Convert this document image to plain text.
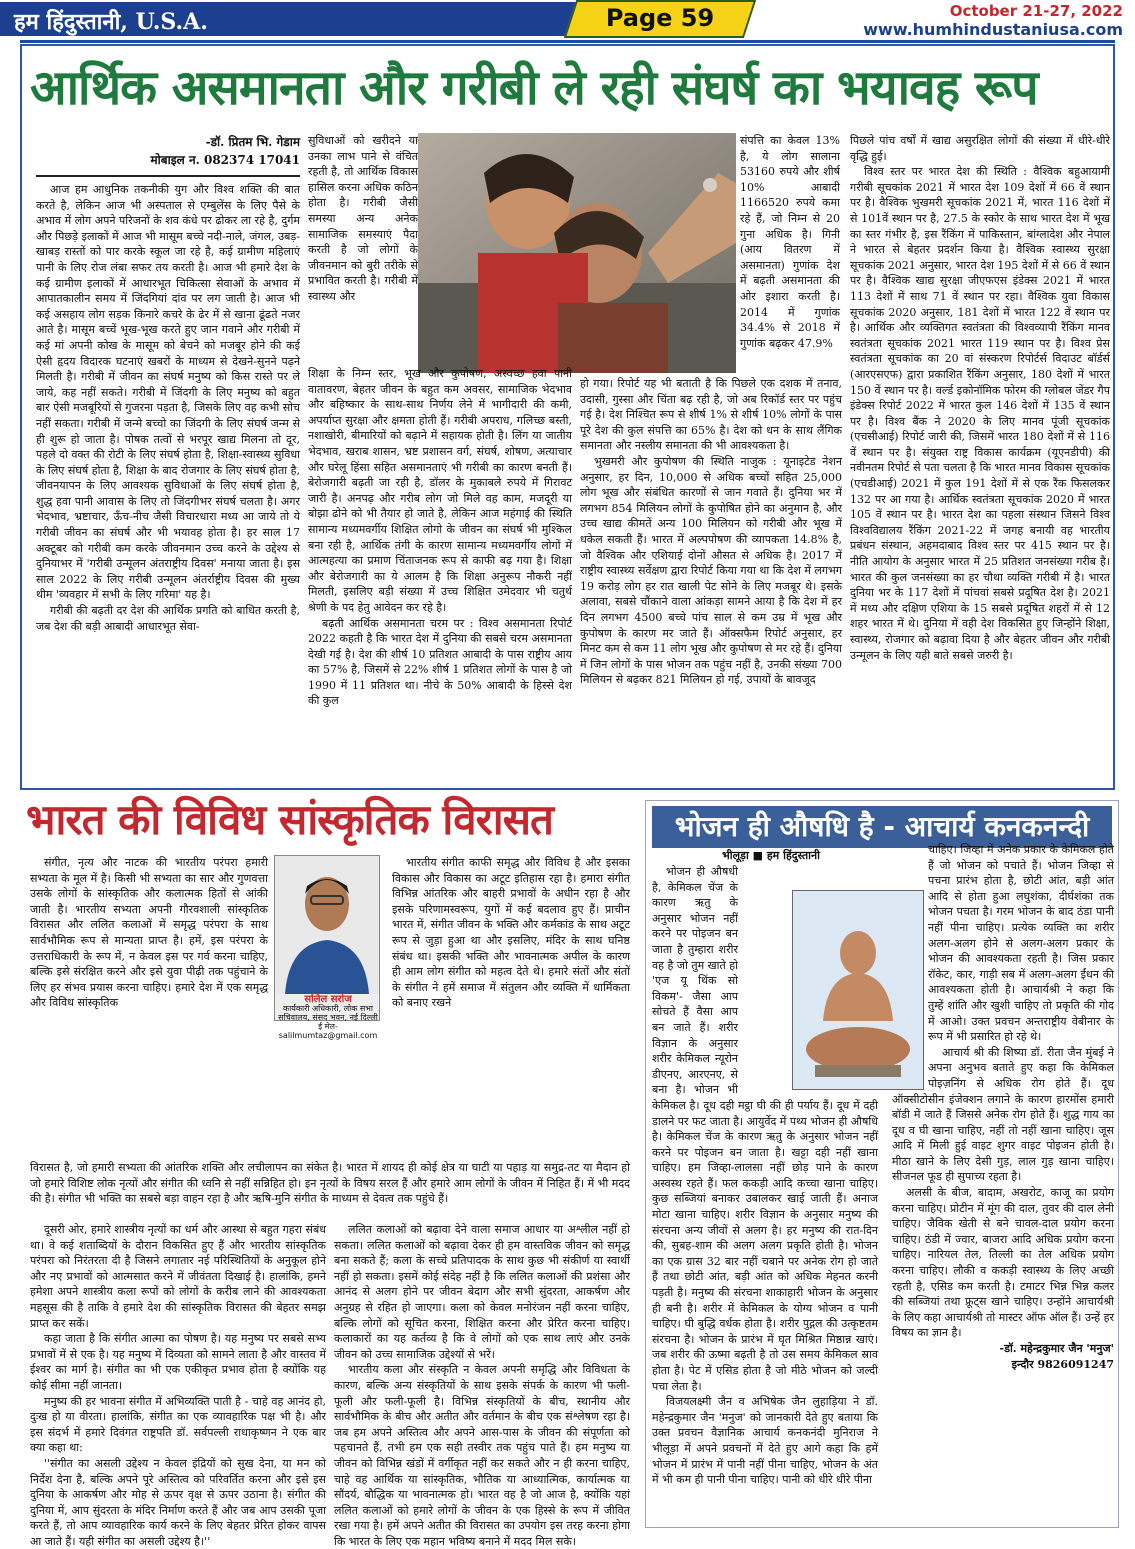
हम हिंदुस्तानी, U.S.A.	Page 59	October 21-27, 2022
www.humhindustaniusa.com
आर्थिक असमानता और गरीबी ले रही संघर्ष का भयावह रूप
-डॉ. प्रितम भि. गेडाम
मोबाइल न. 082374 17041

आज हम आधुनिक तकनीकी युग और विश्व शक्ति की बात करते है, लेकिन आज भी अस्पताल से एम्बुलेंस के लिए पैसे के अभाव में लोग अपने परिजनों के शव कंधे पर ढोकर ला रहे है, दुर्गम और पिछड़े इलाकों में आज भी मासूम बच्चे नदी-नाले, जंगल, उबड़-खाबड़ रास्तों को पार करके स्कूल जा रहे है, कई ग्रामीण महिलाएं पानी के लिए रोज लंबा सफर तय करती है। आज भी हमारे देश के कई ग्रामीण इलाकों में आधारभूत चिकित्सा सेवाओं के अभाव में आपातकालीन समय में जिंदगियां दांव पर लग जाती है। आज भी कई असहाय लोग सड़क किनारे कचरे के ढेर में से खाना ढूंढते नजर आते है। मासूम बच्चें भूख-भूख करते हुए जान गवाने और गरीबी में कई मां अपनी कोख के मासूम को बेचने को मजबूर होने की कई ऐसी हृदय विदारक घटनाएं खबरों के माध्यम से देखने-सुनने पढ़ने मिलती है। गरीबी में जीवन का संघर्ष मनुष्य को किस रास्ते पर ले जाये, कह नहीं सकते। गरीबी में जिंदगी के लिए मनुष्य को बहुत बार ऐसी मजबूरियों से गुजरना पड़ता है, जिसके लिए वह कभी सोच नहीं सकता। गरीबी में जन्मे बच्चो का जिंदगी के लिए संघर्ष जन्म से ही शुरू हो जाता है। पोषक तत्वों से भरपूर खाद्य मिलना तो दूर, पहले दो वक्त की रोटी के लिए संघर्ष होता है, शिक्षा-स्वास्थ्य सुविधा के लिए संघर्ष होता है, शिक्षा के बाद रोजगार के लिए संघर्ष होता है, जीवनयापन के लिए आवश्यक सुविधाओं के लिए संघर्ष होता है, शुद्ध हवा पानी आवास के लिए तो जिंदगीभर संघर्ष चलता है। अगर भेदभाव, भ्रष्टाचार, ऊँच-नीच जैसी विचारधारा मध्य आ जाये तो ये गरीबी जीवन का संघर्ष और भी भयावह होता है। हर साल 17 अक्टूबर को गरीबी कम करके जीवनमान उच्च करने के उद्देश्य से दुनियाभर में 'गरीबी उन्मूलन अंतराष्ट्रीय दिवस' मनाया जाता है। इस साल 2022 के लिए गरीबी उन्मूलन अंतर्राष्ट्रीय दिवस की मुख्य थीम 'व्यवहार में सभी के लिए गरिमा' यह है।

गरीबी की बढ़ती दर देश की आर्थिक प्रगति को बाधित करती है, जब देश की बड़ी आबादी आधारभूत सेवा-

सुविधाओं को खरीदने या उनका लाभ पाने से वंचित रहती है, तो आर्थिक विकास हासिल करना अधिक कठिन होता है। गरीबी जैसी समस्या अन्य अनेक सामाजिक समस्याएं पैदा करती है जो लोगों के जीवनमान को बुरी तरीके से प्रभावित करती है। गरीबी में स्वास्थ्य और

संपत्ति का केवल 13% है, ये लोग सालाना 53160 रुपये और शीर्ष 10% आबादी 1166520 रुपये कमा रहे हैं, जो निम्न से 20 गुना अधिक है। गिनी (आय वितरण में असमानता) गुणांक देश में बढ़ती असमानता की ओर इशारा करती है। 2014 में गुणांक 34.4% से 2018 में गुणांक बढ़कर 47.9%

शिक्षा के निम्न स्तर, भूख और कुपोषण, अस्वच्छ हवा पानी वातावरण, बेहतर जीवन के बहुत कम अवसर, सामाजिक भेदभाव और बहिष्कार के साथ-साथ निर्णय लेने में भागीदारी की कमी, अपर्याप्त सुरक्षा और क्षमता होती हैं। गरीबी अपराध, गलिच्छ बस्ती, नशाखोरी, बीमारियों को बढ़ाने में सहायक होती है। लिंग या जातीय भेदभाव, खराब शासन, भ्रष्ट प्रशासन वर्ग, संघर्ष, शोषण, अत्याचार और घरेलू हिंसा सहित असमानताएं भी गरीबी का कारण बनती हैं। बेरोजगारी बढ़ती जा रही है, डॉलर के मुकाबले रुपये में गिरावट जारी है। अनपढ़ और गरीब लोग जो मिले वह काम, मजदूरी या बोझा ढोने को भी तैयार हो जाते है, लेकिन आज महंगाई की स्थिति सामान्य मध्यमवर्गीय शिक्षित लोगो के जीवन का संघर्ष भी मुश्किल बना रही है, आर्थिक तंगी के कारण सामान्य मध्यमवर्गीय लोगों में आत्महत्या का प्रमाण चिंताजनक रूप से काफी बढ़ गया है। शिक्षा और बेरोजगारी का ये आलम है कि शिक्षा अनुरूप नौकरी नहीं मिलती, इसलिए बड़ी संख्या में उच्च शिक्षित उमेदवार भी चतुर्थ श्रेणी के पद हेतु आवेदन कर रहे है।

बढ़ती आर्थिक असमानता चरम पर : विश्व असमानता रिपोर्ट 2022 कहती है कि भारत देश में दुनिया की सबसे चरम असमानता देखी गई है। देश की शीर्ष 10 प्रतिशत आबादी के पास राष्ट्रीय आय का 57% है, जिसमें से 22% शीर्ष 1 प्रतिशत लोगों के पास है जो 1990 में 11 प्रतिशत था। नीचे के 50% आबादी के हिस्से देश की कुल

हो गया। रिपोर्ट यह भी बताती है कि पिछले एक दशक में तनाव, उदासी, गुस्सा और चिंता बढ़ रही है, जो अब रिकॉर्ड स्तर पर पहुंच गई है। देश निश्चित रूप से शीर्ष 1% से शीर्ष 10% लोगों के पास पूरे देश की कुल संपत्ति का 65% है। देश को धन के साथ लैंगिक समानता और नस्लीय समानता की भी आवश्यकता है।

भुखमरी और कुपोषण की स्थिति नाजुक : यूनाइटेड नेशन अनुसार, हर दिन, 10,000 से अधिक बच्चों सहित 25,000 लोग भूख और संबंधित कारणों से जान गवाते हैं। दुनिया भर में लगभग 854 मिलियन लोगों के कुपोषित होने का अनुमान है, और उच्च खाद्य कीमतें अन्य 100 मिलियन को गरीबी और भूख में धकेल सकती हैं। भारत में अल्पपोषण की व्यापकता 14.8% है, जो वैश्विक और एशियाई दोनों औसत से अधिक है। 2017 में राष्ट्रीय स्वास्थ्य सर्वेक्षण द्वारा रिपोर्ट किया गया था कि देश में लगभग 19 करोड़ लोग हर रात खाली पेट सोने के लिए मजबूर थे। इसके अलावा, सबसे चौंकाने वाला आंकड़ा सामने आया है कि देश में हर दिन लगभग 4500 बच्चे पांच साल से कम उम्र में भूख और कुपोषण के कारण मर जाते हैं। ऑक्सफैम रिपोर्ट अनुसार, हर मिनट कम से कम 11 लोग भूख और कुपोषण से मर रहे हैं। दुनिया में जिन लोगों के पास भोजन तक पहुंच नहीं है, उनकी संख्या 700 मिलियन से बढ़कर 821 मिलियन हो गई, उपायों के बावजूद

पिछले पांच वर्षों में खाद्य असुरक्षित लोगों की संख्या में धीरे-धीरे वृद्धि हुई।

विश्व स्तर पर भारत देश की स्थिति : वैश्विक बहुआयामी गरीबी सूचकांक 2021 में भारत देश 109 देशों में 66 वें स्थान पर है। वैश्विक भुखमरी सूचकांक 2021 में, भारत 116 देशों में से 101वें स्थान पर है, 27.5 के स्कोर के साथ भारत देश में भूख का स्तर गंभीर है, इस रैंकिंग में पाकिस्तान, बांग्लादेश और नेपाल ने भारत से बेहतर प्रदर्शन किया है। वैश्विक स्वास्थ्य सुरक्षा सूचकांक 2021 अनुसार, भारत देश 195 देशों में से 66 वें स्थान पर है। वैश्विक खाद्य सुरक्षा जीएफएस इंडेक्स 2021 में भारत 113 देशों में साथ 71 वें स्थान पर रहा। वैश्विक युवा विकास सूचकांक 2020 अनुसार, 181 देशों में भारत 122 वें स्थान पर है। आर्थिक और व्यक्तिगत स्वतंत्रता की विश्वव्यापी रैंकिंग मानव स्वतंत्रता सूचकांक 2021 भारत 119 स्थान पर है। विश्व प्रेस स्वतंत्रता सूचकांक का 20 वां संस्करण रिपोर्टर्स विदाउट बॉर्डर्स (आरएसएफ) द्वारा प्रकाशित रैंकिंग अनुसार, 180 देशों में भारत 150 वें स्थान पर है। वर्ल्ड इकोनॉमिक फोरम की ग्लोबल जेंडर गैप इंडेक्स रिपोर्ट 2022 में भारत कुल 146 देशों में 135 वें स्थान पर है। विश्व बैंक ने 2020 के लिए मानव पूंजी सूचकांक (एचसीआई) रिपोर्ट जारी की, जिसमें भारत 180 देशों में से 116 वें स्थान पर है। संयुक्त राष्ट्र विकास कार्यक्रम (यूएनडीपी) की नवीनतम रिपोर्ट से पता चलता है कि भारत मानव विकास सूचकांक (एचडीआई) 2021 में कुल 191 देशों में से एक रैंक फिसलकर 132 पर आ गया है। आर्थिक स्वतंत्रता सूचकांक 2020 में भारत 105 वें स्थान पर है। भारत देश का पहला संस्थान जिसने विश्व विश्वविद्यालय रैंकिंग 2021-22 में जगह बनायी वह भारतीय प्रबंधन संस्थान, अहमदाबाद विश्व स्तर पर 415 स्थान पर है। नीति आयोग के अनुसार भारत में 25 प्रतिशत जनसंख्या गरीब है। भारत की कुल जनसंख्या का हर चौथा व्यक्ति गरीबी में है। भारत दुनिया भर के 117 देशों में पांचवां सबसे प्रदूषित देश है। 2021 में मध्य और दक्षिण एशिया के 15 सबसे प्रदूषित शहरों में से 12 शहर भारत में थे। दुनिया में वही देश विकसित हुए जिन्होंने शिक्षा, स्वास्थ्य, रोजगार को बढ़ावा दिया है और बेहतर जीवन और गरीबी उन्मूलन के लिए यही बाते सबसे जरुरी है।

भारत की विविध सांस्कृतिक विरासत

संगीत, नृत्य और नाटक की भारतीय परंपरा हमारी सभ्यता के मूल में है। किसी भी सभ्यता का सार और गुणवत्ता उसके लोगों के सांस्कृतिक और कलात्मक हितों से आंकी जाती है। भारतीय सभ्यता अपनी गौरवशाली सांस्कृतिक विरासत और ललित कलाओं में समृद्ध परंपरा के साथ सार्वभौमिक रूप से मान्यता प्राप्त है। हमें, इस परंपरा के उत्तराधिकारी के रूप में, न केवल इस पर गर्व करना चाहिए, बल्कि इसे संरक्षित करने और इसे युवा पीढ़ी तक पहुंचाने के लिए हर संभव प्रयास करना चाहिए। हमारे देश में एक समृद्ध और विविध सांस्कृतिक	सलिल सरोज
कार्यकारी अधिकारी, लोक सभा सचिवालय, संसद भवन, नई दिल्ली
ई मेल- salilmumtaz@gmail.com

भारतीय संगीत काफी समृद्ध और विविध है और इसका विकास और विकास का अटूट इतिहास रहा है। हमारा संगीत विभिन्न आंतरिक और बाहरी प्रभावों के अधीन रहा है और इसके परिणामस्वरूप, युगों में कई बदलाव हुए हैं। प्राचीन भारत में, संगीत जीवन के भक्ति और कर्मकांड के साथ अटूट रूप से जुड़ा हुआ था और इसलिए, मंदिर के साथ घनिष्ठ संबंध था। इसकी भक्ति और भावनात्मक अपील के कारण ही आम लोग संगीत को महत्व देते थे। हमारे संतों और संतों के संगीत ने हमें समाज में संतुलन और व्यक्ति में धार्मिकता को बनाए रखने

विरासत है, जो हमारी सभ्यता की आंतरिक शक्ति और लचीलापन का संकेत है। भारत में शायद ही कोई क्षेत्र या घाटी या पहाड़ या समुद्र-तट या मैदान हो जो हमारे विशिष्ट लोक नृत्यों और संगीत की ध्वनि से नहीं सन्निहित हो। इन नृत्यों के विषय सरल हैं और हमारे आम लोगों के जीवन में निहित हैं। में भी मदद की है। संगीत भी भक्ति का सबसे बड़ा वाहन रहा है और ऋषि-मुनि संगीत के माध्यम से देवत्व तक पहुंचे हैं।

दूसरी ओर, हमारे शास्त्रीय नृत्यों का धर्म और आस्था से बहुत गहरा संबंध था। वे कई शताब्दियों के दौरान विकसित हुए हैं और भारतीय सांस्कृतिक परंपरा को निरंतरता दी है जिसने लगातार नई परिस्थितियों के अनुकूल होने और नए प्रभावों को आत्मसात करने में जीवंतता दिखाई है। हालांकि, हमने हमेशा अपने शास्त्रीय कला रूपों को लोगों के करीब लाने की आवश्यकता महसूस की है ताकि वे हमारे देश की सांस्कृतिक विरासत की बेहतर समझ प्राप्त कर सकें।

कहा जाता है कि संगीत आत्मा का पोषण है। यह मनुष्य पर सबसे सभ्य प्रभावों में से एक है। यह मनुष्य में दिव्यता को सामने लाता है और वास्तव में ईश्वर का मार्ग है। संगीत का भी एक एकीकृत प्रभाव होता है क्योंकि यह कोई सीमा नहीं जानता।

मनुष्य की हर भावना संगीत में अभिव्यक्ति पाती है - चाहे वह आनंद हो, दुःख हो या वीरता। हालांकि, संगीत का एक व्यावहारिक पक्ष भी है। और इस संदर्भ में हमारे दिवंगत राष्ट्रपति डॉ. सर्वपल्ली राधाकृष्णन ने एक बार क्या कहा था:

''संगीत का असली उद्देश्य न केवल इंद्रियों को सुख देना, या मन को निर्देश देना है, बल्कि अपने पूरे अस्तित्व को परिवर्तित करना और इसे इस दुनिया के आकर्षण और मोह से ऊपर वृक्ष से ऊपर उठाना है। संगीत की दुनिया में, आप सुंदरता के मंदिर निर्माण करते हैं और जब आप उसकी पूजा करते हैं, तो आप व्यावहारिक कार्य करने के लिए बेहतर प्रेरित होकर वापस आ जाते हैं। यही संगीत का असली उद्देश्य है।''

ललित कलाओं को बढ़ावा देने वाला समाज आधार या अश्लील नहीं हो सकता। ललित कलाओं को बढ़ावा देकर ही हम वास्तविक जीवन को समृद्ध बना सकते हैं; कला के सच्चे प्रतिपादक के साथ कुछ भी संकीर्ण या स्वार्थी नहीं हो सकता। इसमें कोई संदेह नहीं है कि ललित कलाओं की प्रशंसा और आनंद से अलग होने पर जीवन बेदाग और सभी सुंदरता, आकर्षण और अनुग्रह से रहित हो जाएगा। कला को केवल मनोरंजन नहीं करना चाहिए, बल्कि लोगों को सूचित करना, शिक्षित करना और प्रेरित करना चाहिए। कलाकारों का यह कर्तव्य है कि वे लोगों को एक साथ लाएं और उनके जीवन को उच्च सामाजिक उद्देश्यों से भरें।

भारतीय कला और संस्कृति न केवल अपनी समृद्धि और विविधता के कारण, बल्कि अन्य संस्कृतियों के साथ इसके संपर्क के कारण भी फली-फूली और फली-फूली है। विभिन्न संस्कृतियों के बीच, स्थानीय और सार्वभौमिक के बीच और अतीत और वर्तमान के बीच एक संश्लेषण रहा है। जब हम अपने अस्तित्व और अपने आस-पास के जीवन की संपूर्णता को पहचानते हैं, तभी हम एक सही तस्वीर तक पहुंच पाते हैं। हम मनुष्य या जीवन को विभिन्न खंडों में वर्गीकृत नहीं कर सकते और न ही करना चाहिए, चाहे वह आर्थिक या सांस्कृतिक, भौतिक या आध्यात्मिक, कार्यात्मक या सौंदर्य, बौद्धिक या भावनात्मक हो। भारत वह है जो आज है, क्योंकि यहां ललित कलाओं को हमारे लोगों के जीवन के एक हिस्से के रूप में जीवित रखा गया है। हमें अपने अतीत की विरासत का उपयोग इस तरह करना होगा कि भारत के लिए एक महान भविष्य बनाने में मदद मिल सके।

भोजन ही औषधि है - आचार्य कनकनन्दी
भीलूड़ा ■ हम हिंदुस्तानी

भोजन ही औषधी है, केमिकल चेंज के कारण ऋतु के अनुसार भोजन नहीं करने पर पोइजन बन जाता है तुम्हारा शरीर वह है जो तुम खाते हो 'एज यू थिंक सो विकम'- जैसा आप सोचते हैं वैसा आप बन जाते हैं। शरीर विज्ञान के अनुसार शरीर केमिकल न्यूरोन डीएनए, आरएनए, से बना है। भोजन भी केमिकल है। दूध दही मट्ठा घी की ही पर्याय हैं। दूध में दही डालने पर फट जाता है। आयुर्वेद में पथ्य भोजन ही औषधि है। केमिकल चेंज के कारण ऋतु के अनुसार भोजन नहीं करने पर पोइजन बन जाता है। खट्टा दही नहीं खाना चाहिए। हम जिव्हा-लालसा नहीं छोड़ पाने के कारण अस्वस्थ रहते हैं। फल ककड़ी आदि कच्चा खाना चाहिए। कुछ सब्जियां बनाकर उबालकर खाई जाती हैं। अनाज मोटा खाना चाहिए। शरीर विज्ञान के अनुसार मनुष्य की संरचना अन्य जीवों से अलग है। हर मनुष्य की रात-दिन की, सुबह-शाम की अलग अलग प्रकृति होती है। भोजन का एक ग्रास 32 बार नहीं चबाने पर अनेक रोग हो जाते हैं तथा छोटी आंत, बड़ी आंत को अधिक मेहनत करनी पड़ती है। मनुष्य की संरचना शाकाहारी भोजन के अनुसार ही बनी है। शरीर में केमिकल के योग्य भोजन व पानी चाहिए। घी बुद्धि वर्धक होता है। शरीर पुद्गल की उत्कृष्टतम संरचना है। भोजन के प्रारंभ में घृत मिश्रित मिष्ठान्न खाएं। जब शरीर की ऊष्मा बढ़ती है तो उस समय केमिकल स्राव होता है। पेट में एसिड होता है जो मीठे भोजन को जल्दी पचा लेता है।

विजयलक्ष्मी जैन व अभिषेक जैन लुहाड़िया ने डॉ. महेन्द्रकुमार जैन 'मनुज' को जानकारी देते हुए बताया कि उक्त प्रवचन वैज्ञानिक आचार्य कनकनंदी मुनिराज ने भीलूड़ा में अपने प्रवचनों में देते हुए आगे कहा कि हमें भोजन में प्रारंभ में पानी नहीं पीना चाहिए, भोजन के अंत में भी कम ही पानी पीना चाहिए। पानी को धीरे धीरे पीना

चाहिए। जिव्हा में अनेक प्रकार के केमिकल होते हैं जो भोजन को पचाते हैं। भोजन जिव्हा से पचना प्रारंभ होता है, छोटी आंत, बड़ी आंत आदि से होता हुआ लघुशंका, दीर्घशंका तक भोजन पचता है। गरम भोजन के बाद ठंडा पानी नहीं पीना चाहिए। प्रत्येक व्यक्ति का शरीर अलग-अलग होने से अलग-अलग प्रकार के भोजन की आवश्यकता रहती है। जिस प्रकार रॉकेट, कार, गाड़ी सब में अलग-अलग ईंधन की आवश्यकता होती है। आचार्यश्री ने कहा कि तुम्हें शांति और खुशी चाहिए तो प्रकृति की गोद में आओ। उक्त प्रवचन अन्तराष्ट्रीय वेबीनार के रूप में भी प्रसारित हो रहे थे।

आचार्य श्री की शिष्या डॉ. रीता जैन मुंबई ने अपना अनुभव बताते हुए कहा कि केमिकल पोइज़निंग से अधिक रोग होते हैं। दूध ऑक्सीटोसीन इंजेक्शन लगाने के कारण हारमोंस हमारी बॉडी में जाते हैं जिससे अनेक रोग होते हैं। शुद्ध गाय का दूध व घी खाना चाहिए, नहीं तो नहीं खाना चाहिए। जूस आदि में मिली हुई वाइट शुगर वाइट पोइजन होती है। मीठा खाने के लिए देसी गुड़, लाल गुड़ खाना चाहिए। सीजनल फूड ही सुपाच्य रहता है।

अलसी के बीज, बादाम, अखरोट, काजू का प्रयोग करना चाहिए। प्रोटीन में मूंग की दाल, तुवर की दाल लेनी चाहिए। जैविक खेती से बने चावल-दाल प्रयोग करना चाहिए। ठंडी में ज्वार, बाजरा आदि अधिक प्रयोग करना चाहिए। नारियल तेल, तिल्ली का तेल अधिक प्रयोग करना चाहिए। लौकी व ककड़ी स्वास्थ्य के लिए अच्छी रहती है, एसिड कम करती है। टमाटर भिन्न भिन्न कलर की सब्जियां तथा फ्रूट्स खाने चाहिए। उन्होंने आचार्यश्री के लिए कहा आचार्यश्री तो मास्टर ऑफ ऑल हैं। उन्हें हर विषय का ज्ञान है।

-डॉ. महेन्द्रकुमार जैन 'मनुज'
इन्दौर 9826091247
